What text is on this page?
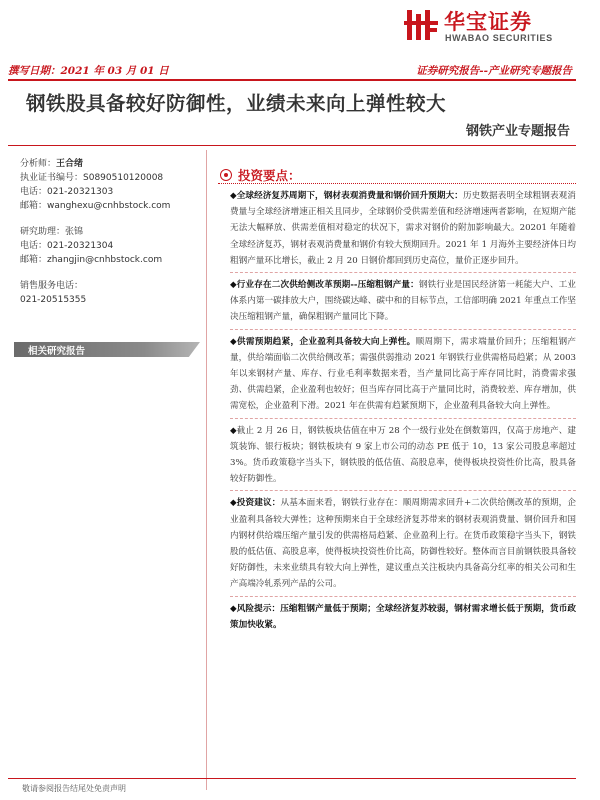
华宝证券
HWABAO SECURITIES
撰写日期：2021 年 03 月 01 日	证券研究报告--产业研究专题报告
钢铁股具备较好防御性，业绩未来向上弹性较大
钢铁产业专题报告
分析师：王合绪
执业证书编号：S0890510120008
电话：021-20321303
邮箱：wanghexu@cnhbstock.com
研究助理：张锦
电话：021-20321304
邮箱：zhangjin@cnhbstock.com
销售服务电话：
021-20515355
相关研究报告
投资要点：
◆全球经济复苏周期下，钢材表观消费量和钢价回升预期大：历史数据表明全球粗钢表观消费量与全球经济增速正相关且同步，全球钢价受供需差值和经济增速两者影响，在短期产能无法大幅释放、供需差值相对稳定的状况下，需求对钢价的附加影响最大。20201 年随着全球经济复苏，钢材表观消费量和钢价有较大预期回升。2021 年 1 月海外主要经济体日均粗钢产量环比增长，截止 2 月 20 日钢价都回到历史高位，量价正逐步回升。
◆行业存在二次供给侧改革预期--压缩粗钢产量：钢铁行业是国民经济第一耗能大户、工业体系内第一碳排放大户，围绕碳达峰、碳中和的目标节点，工信部明确 2021 年重点工作坚决压缩粗钢产量，确保粗钢产量同比下降。
◆供需预期趋紧，企业盈利具备较大向上弹性。顺周期下，需求端量价回升；压缩粗钢产量，供给端面临二次供给侧改革；需强供弱推动 2021 年钢铁行业供需格局趋紧；从 2003 年以来钢材产量、库存、行业毛利率数据来看，当产量同比高于库存同比时，消费需求强劲、供需趋紧，企业盈利也较好；但当库存同比高于产量同比时，消费较差、库存增加，供需宽松，企业盈利下滑。2021 年在供需有趋紧预期下，企业盈利具备较大向上弹性。
◆截止 2 月 26 日，钢铁板块估值在申万 28 个一级行业处在倒数第四，仅高于房地产、建筑装饰、银行板块；钢铁板块有 9 家上市公司的动态 PE 低于 10，13 家公司股息率超过 3%。货币政策稳字当头下，钢铁股的低估值、高股息率，使得板块投资性价比高，股具备较好防御性。
◆投资建议：从基本面来看，钢铁行业存在：顺周期需求回升+二次供给侧改革的预期，企业盈利具备较大弹性；这种预期来自于全球经济复苏带来的钢材表观消费量、钢价回升和国内钢材供给端压缩产量引发的供需格局趋紧、企业盈利上行。在货币政策稳字当头下，钢铁股的低估值、高股息率，使得板块投资性价比高，防御性较好。整体而言目前钢铁股具备较好防御性，未来业绩具有较大向上弹性，建议重点关注板块内具备高分红率的相关公司和生产高端冷轧系列产品的公司。
◆风险提示：压缩粗钢产量低于预期；全球经济复苏较弱，钢材需求增长低于预期，货币政策加快收紧。
敬请参阅报告结尾处免责声明
